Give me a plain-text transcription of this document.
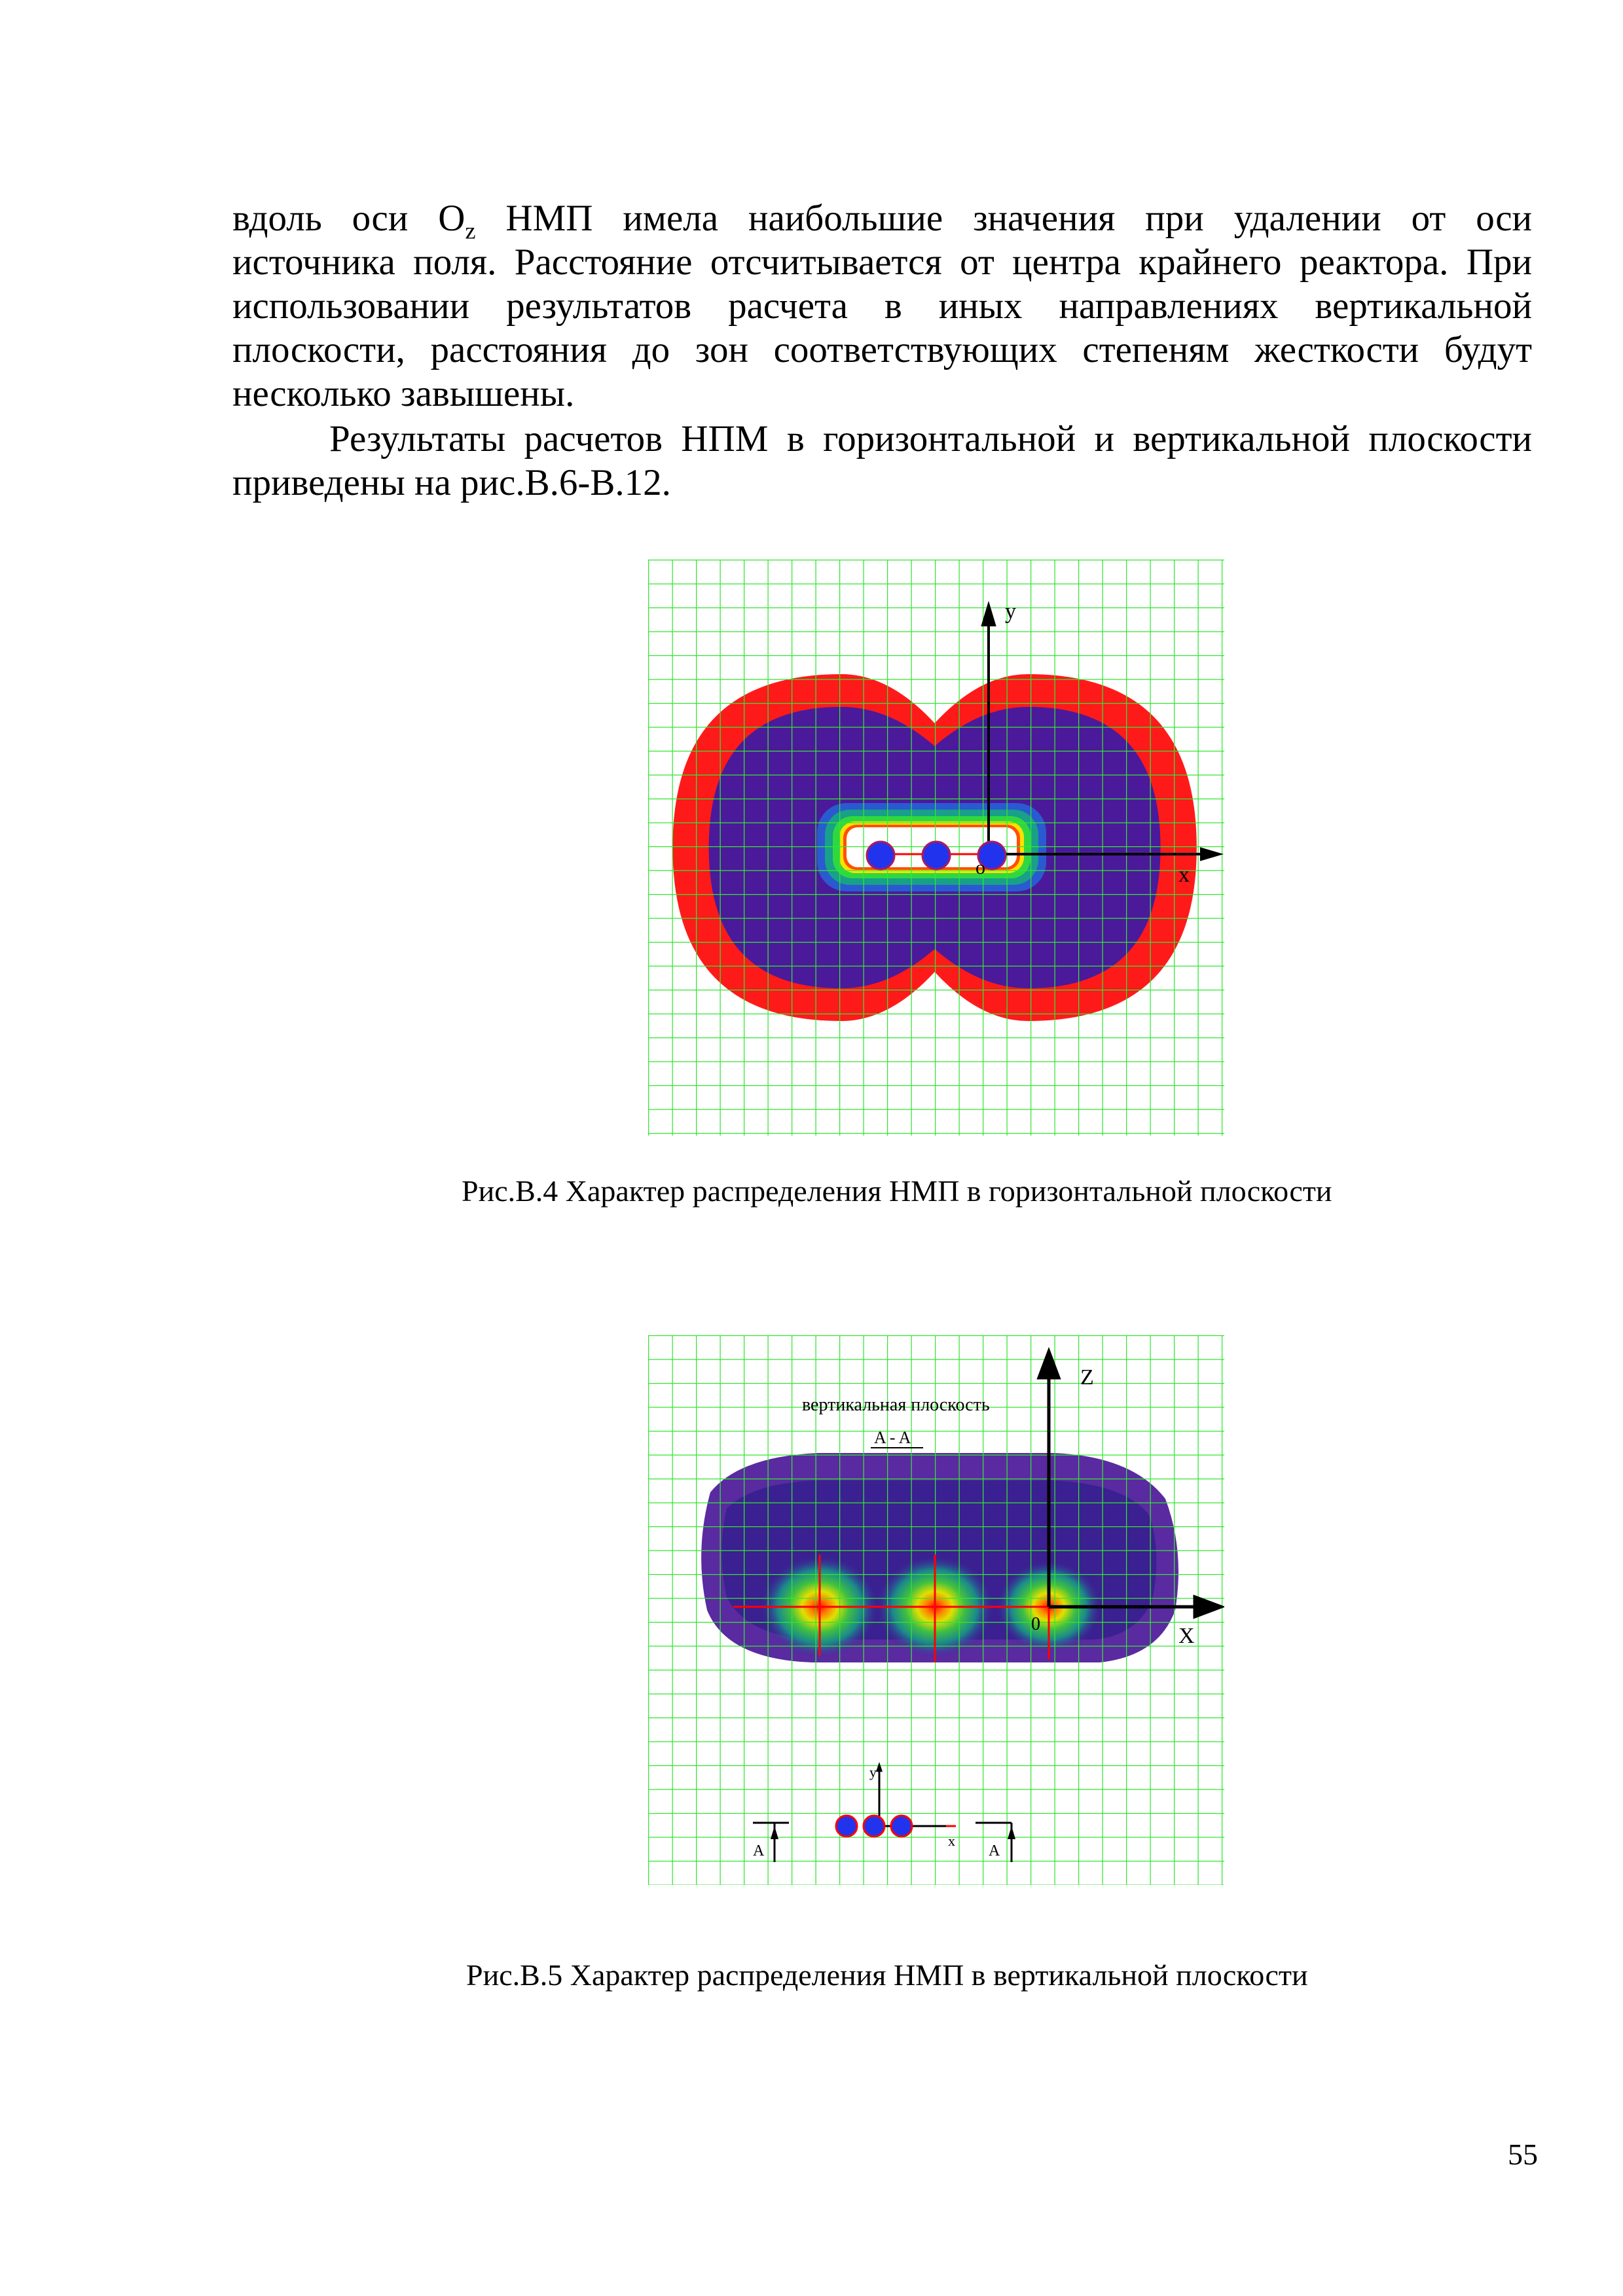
вдоль оси $O_z$ НМП имела наибольшие значения при удалении от оси
источника поля. Расстояние отсчитывается от центра крайнего реактора. При
использовании результатов расчета в иных направлениях вертикальной
плоскости, расстояния до зон соответствующих степеням жесткости будут
несколько завышены.
Результаты расчетов НПМ в горизонтальной и вертикальной плоскости
приведены на рис.В.6-В.12.
y
x
o
Рис.В.4 Характер распределения НМП в горизонтальной плоскости
Z
X
0
вертикальная плоскость
A - A
y
x
A	A
Рис.В.5 Характер распределения НМП в вертикальной плоскости
55
